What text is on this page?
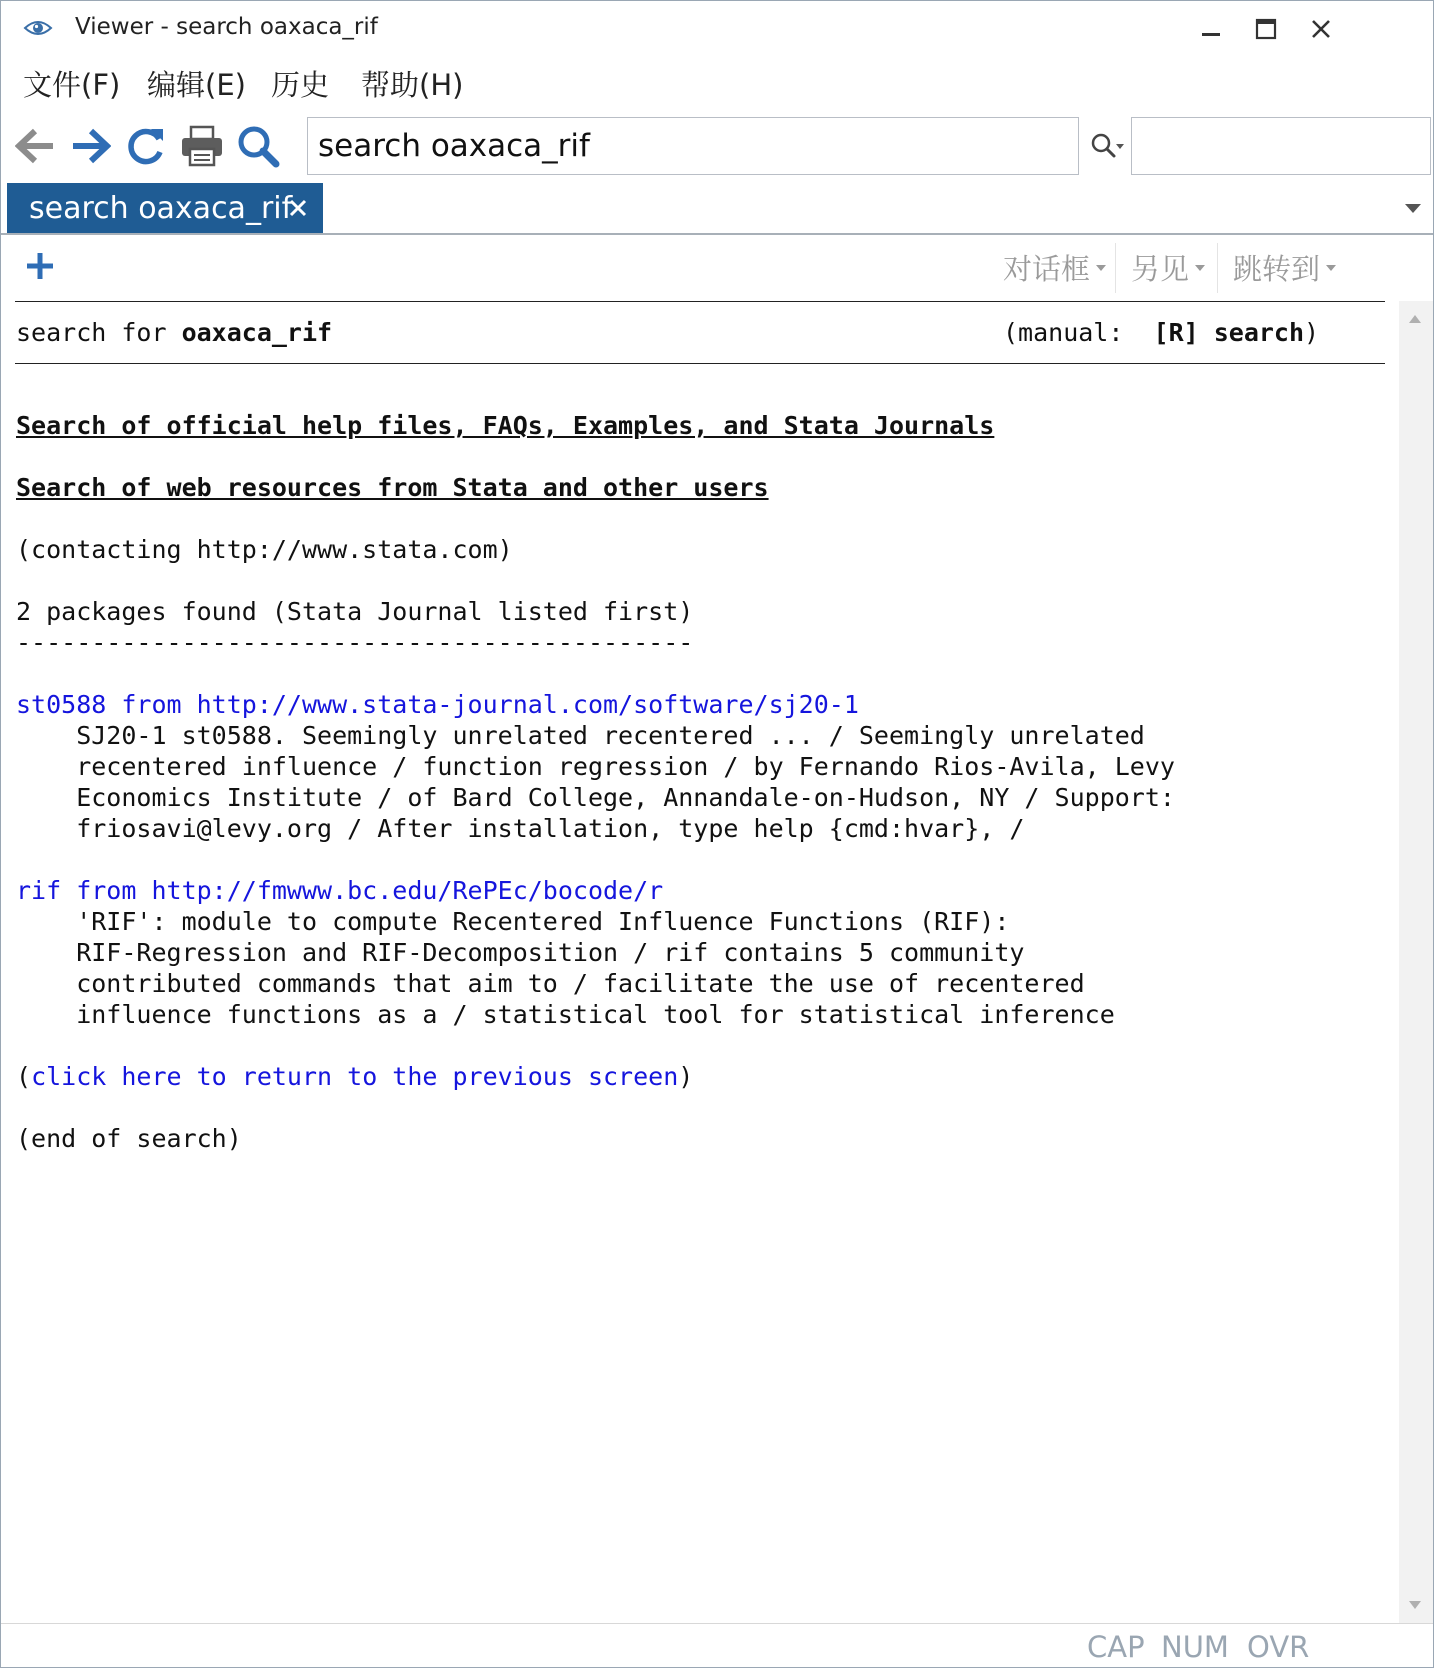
Viewer - search oaxaca_rif
文件(F) 编辑(E) 历史 帮助(H)
search oaxaca_rif
search oaxaca_rif
对话框 另见 跳转到
search for oaxaca_rif	(manual:  [R] search)
Search of official help files, FAQs, Examples, and Stata Journals
Search of web resources from Stata and other users
(contacting http://www.stata.com)
2 packages found (Stata Journal listed first)
---------------------------------------------
st0588 from http://www.stata-journal.com/software/sj20-1
SJ20-1 st0588. Seemingly unrelated recentered ... / Seemingly unrelated
recentered influence / function regression / by Fernando Rios-Avila, Levy
Economics Institute / of Bard College, Annandale-on-Hudson, NY / Support:
friosavi@levy.org / After installation, type help {cmd:hvar}, /
rif from http://fmwww.bc.edu/RePEc/bocode/r
'RIF': module to compute Recentered Influence Functions (RIF):
RIF-Regression and RIF-Decomposition / rif contains 5 community
contributed commands that aim to / facilitate the use of recentered
influence functions as a / statistical tool for statistical inference
(click here to return to the previous screen)
(end of search)
CAP NUM OVR
